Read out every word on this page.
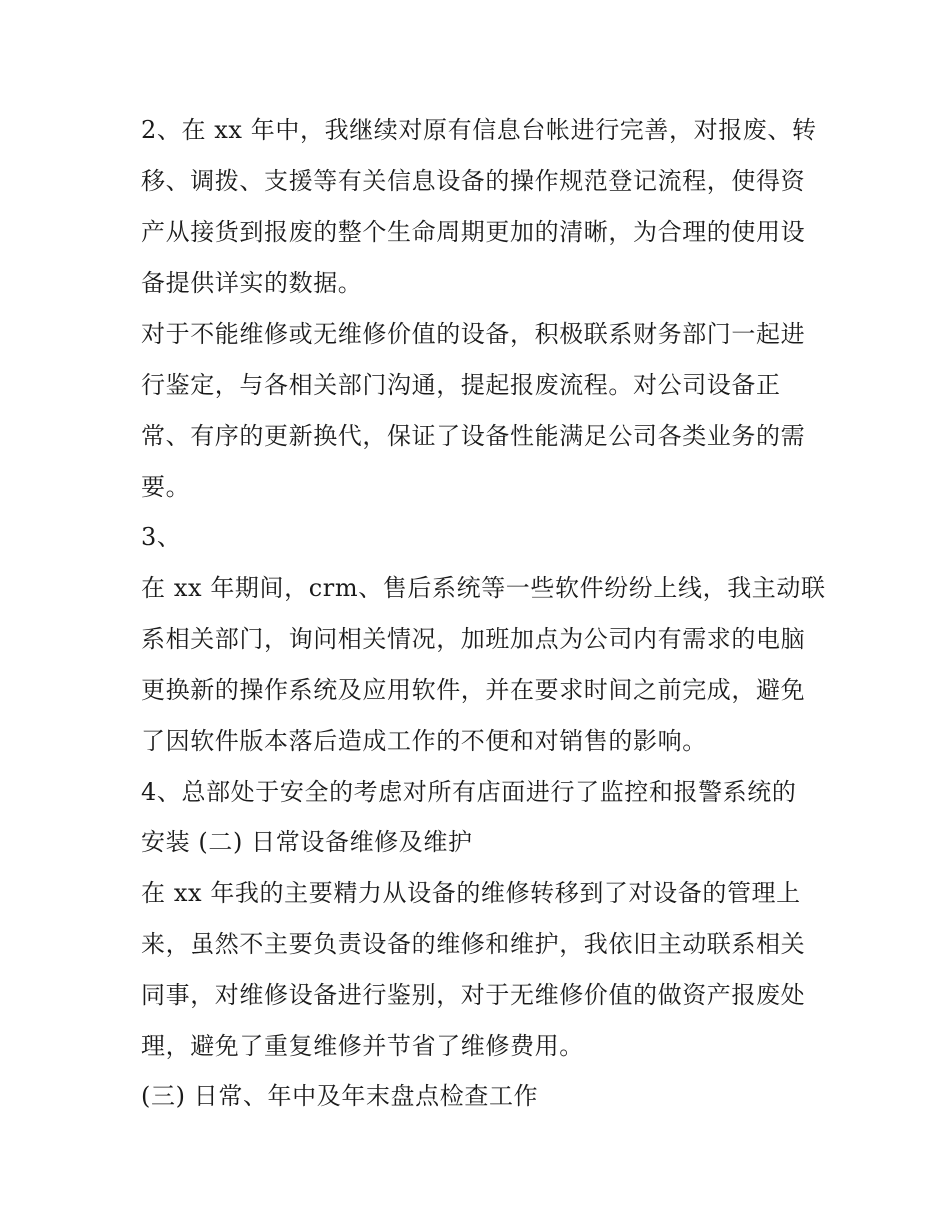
2、在 xx 年中，我继续对原有信息台帐进行完善，对报废、转

移、调拨、支援等有关信息设备的操作规范登记流程，使得资

产从接货到报废的整个生命周期更加的清晰，为合理的使用设

备提供详实的数据。

对于不能维修或无维修价值的设备，积极联系财务部门一起进

行鉴定，与各相关部门沟通，提起报废流程。对公司设备正

常、有序的更新换代，保证了设备性能满足公司各类业务的需

要。

3、

在 xx 年期间，crm、售后系统等一些软件纷纷上线，我主动联

系相关部门，询问相关情况，加班加点为公司内有需求的电脑

更换新的操作系统及应用软件，并在要求时间之前完成，避免

了因软件版本落后造成工作的不便和对销售的影响。

4、总部处于安全的考虑对所有店面进行了监控和报警系统的

安装 (二) 日常设备维修及维护

在 xx 年我的主要精力从设备的维修转移到了对设备的管理上

来，虽然不主要负责设备的维修和维护，我依旧主动联系相关

同事，对维修设备进行鉴别，对于无维修价值的做资产报废处

理，避免了重复维修并节省了维修费用。

(三) 日常、年中及年末盘点检查工作
